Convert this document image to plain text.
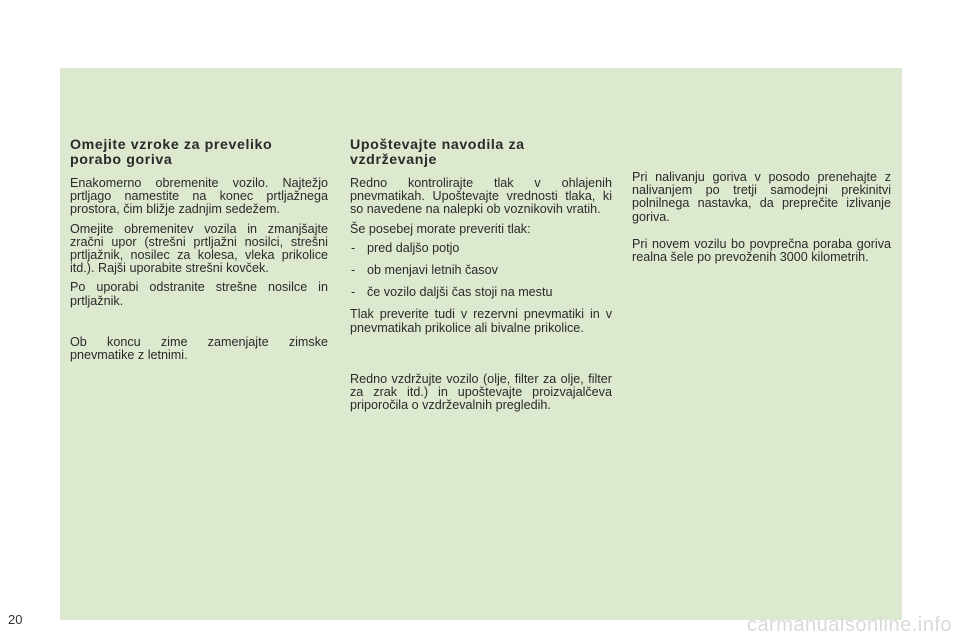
Omejite vzroke za preveliko porabo goriva

Enakomerno obremenite vozilo. Najtežjo prtljago namestite na konec prtljažnega prostora, čim bližje zadnjim sedežem.

Omejite obremenitev vozila in zmanjšajte zračni upor (strešni prtljažni nosilci, strešni prtljažnik, nosilec za kolesa, vleka prikolice itd.). Rajši uporabite strešni kovček.

Po uporabi odstranite strešne nosilce in prtljažnik.

Ob koncu zime zamenjajte zimske pnevmatike z letnimi.

Upoštevajte navodila za vzdrževanje

Redno kontrolirajte tlak v ohlajenih pnevmatikah. Upoštevajte vrednosti tlaka, ki so navedene na nalepki ob voznikovih vratih.

Še posebej morate preveriti tlak:

- pred daljšo potjo
- ob menjavi letnih časov
- če vozilo daljši čas stoji na mestu

Tlak preverite tudi v rezervni pnevmatiki in v pnevmatikah prikolice ali bivalne prikolice.

Redno vzdržujte vozilo (olje, filter za olje, filter za zrak itd.) in upoštevajte proizvajalčeva priporočila o vzdrževalnih pregledih.

Pri nalivanju goriva v posodo prenehajte z nalivanjem po tretji samodejni prekinitvi polnilnega nastavka, da preprečite izlivanje goriva.

Pri novem vozilu bo povprečna poraba goriva realna šele po prevoženih 3000 kilometrih.

20	carmanualsonline.info
